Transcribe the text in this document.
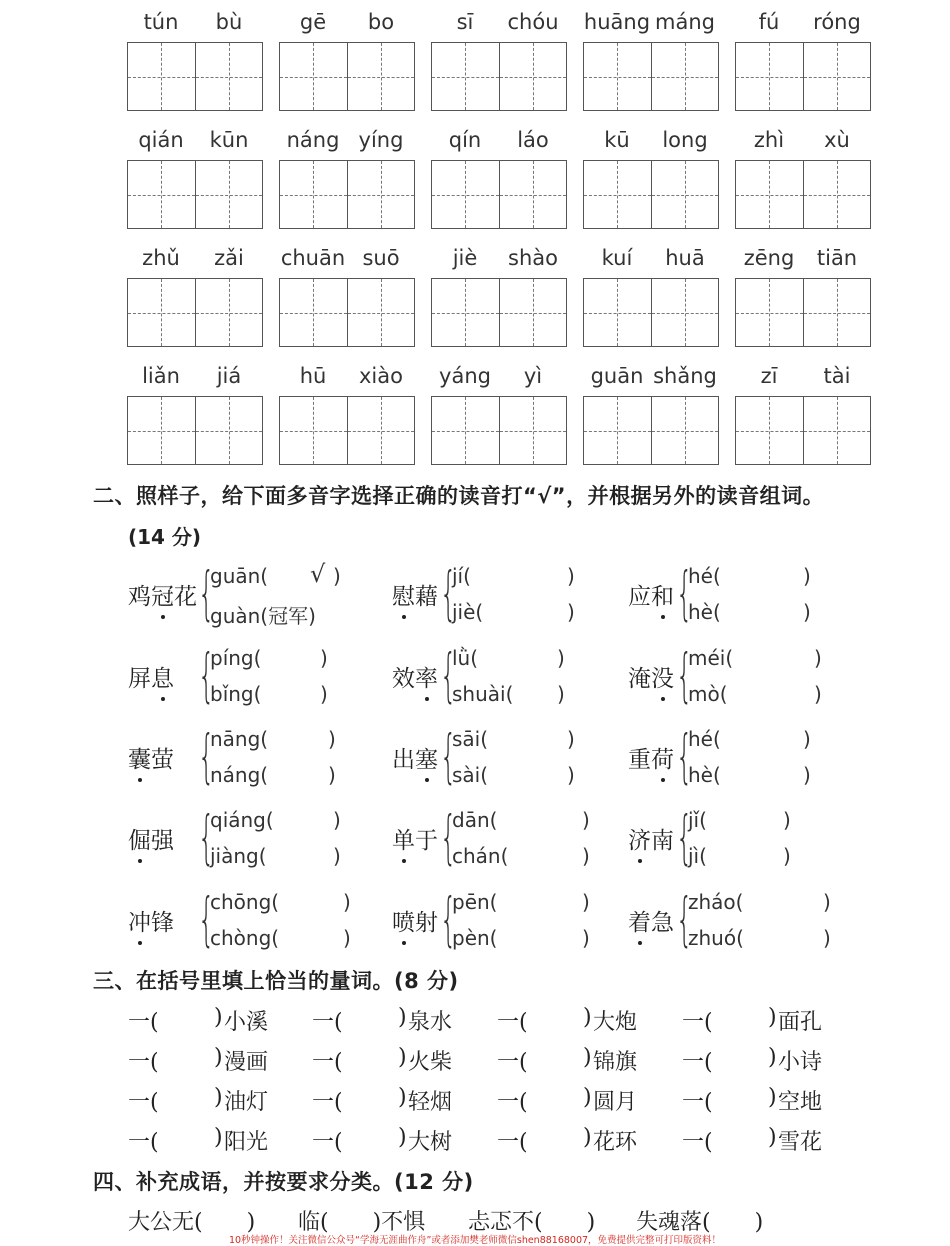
tún	bù	gē	bo	sī	chóu	huāng máng	fú	róng
qián	kūn	náng yíng	qín	láo	kū	long	zhì	xù
zhǔ	zǎi	chuān suō	jiè	shào	kuí	huā	zēng	tiān
liǎn	jiá	hū	xiào	yáng	yì	guān shǎng	zī	tài
二、照样子，给下面多音字选择正确的读音打“√”，并根据另外的读音组词。
(14 分)
鸡冠花 {
guān( √ )
guàn(冠军)
慰藉 {
jí(	)
jiè(	)
应和 {
hé(	)
hè(	)
屏息 {
píng(	)
bǐng(	)
效率 {
lǜ(	)
shuài( )
淹没 {
méi(	)
mò(	)
囊萤 {
nāng(	)
náng(	)
出塞 {
sāi(	)
sài(	)
重荷 {
hé(	)
hè(	)
倔强 {
qiáng(	)
jiàng(	)
单于 {
dān(	)
chán(	)
济南 {
jǐ(	)
jì(	)
冲锋 {
chōng(	)
chòng(	)
喷射 {
pēn(	)
pèn(	)
着急 {
zháo(	)
zhuó(	)
三、在括号里填上恰当的量词。(8 分)
一(	) 小溪 一(	) 泉水 一(	) 大炮 一(	) 面孔
一(	) 漫画 一(	) 火柴 一(	) 锦旗 一(	) 小诗
一(	) 油灯 一(	) 轻烟 一(	) 圆月 一(	) 空地
一(	) 阳光 一(	) 大树 一(	) 花环 一(	) 雪花
四、补充成语，并按要求分类。(12 分)
大公无(　　) 临(　　)不惧 忐忑不(　　) 失魂落(　　)
10秒钟操作！关注微信公众号“学海无涯曲作舟”或者添加樊老师微信shen88168007，免费提供完整可打印版资料！
